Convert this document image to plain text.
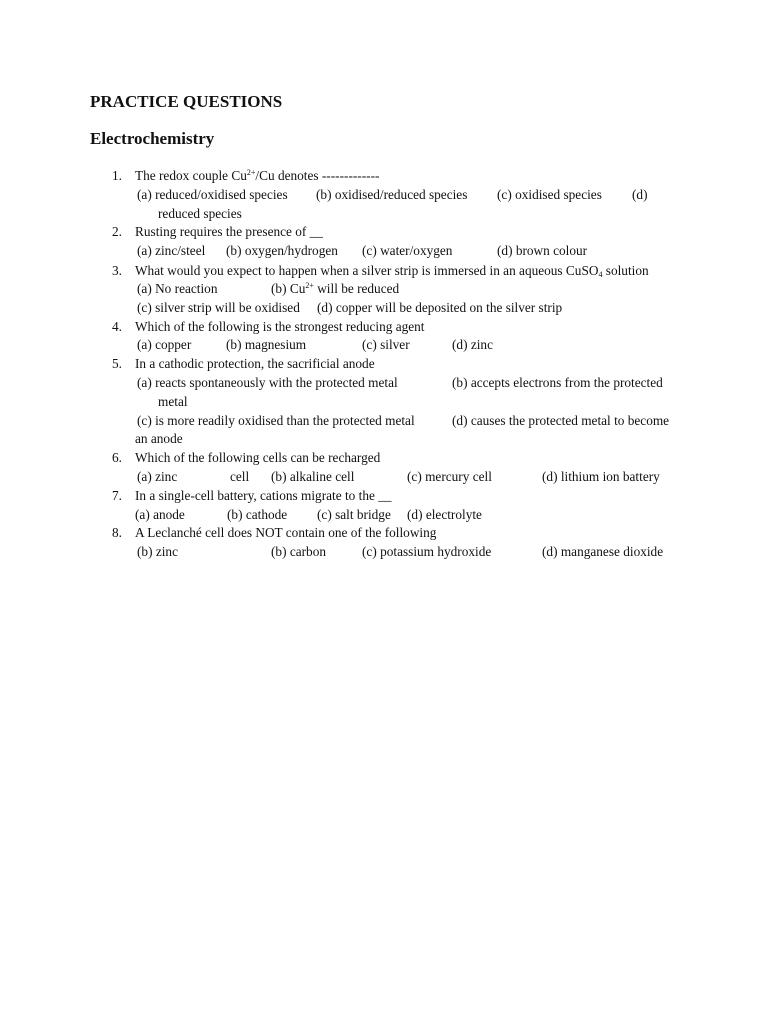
PRACTICE QUESTIONS
Electrochemistry
1. The redox couple $Cu^{2+}/Cu$ denotes -------------
(a) reduced/oxidised species (b) oxidised/reduced species (c) oxidised species (d)
reduced species
2. Rusting requires the presence of __
(a) zinc/steel (b) oxygen/hydrogen (c) water/oxygen	(d) brown colour
3. What would you expect to happen when a silver strip is immersed in an aqueous CuSO$_4$ solution
(a) No reaction	(b) $Cu^{2+}$ will be reduced
(c) silver strip will be oxidised (d) copper will be deposited on the silver strip
4. Which of the following is the strongest reducing agent
(a) copper	(b) magnesium	(c) silver	(d) zinc
5. In a cathodic protection, the sacrificial anode
(a) reacts spontaneously with the protected metal	(b) accepts electrons from the protected
metal
(c) is more readily oxidised than the protected metal	(d) causes the protected metal to become
an anode
6. Which of the following cells can be recharged
(a) zinc	cell (b) alkaline cell	(c) mercury cell	(d) lithium ion battery
7. In a single-cell battery, cations migrate to the __
(a) anode	(b) cathode (c) salt bridge (d) electrolyte
8. A Leclanché cell does NOT contain one of the following
(b) zinc	(b) carbon	(c) potassium hydroxide	(d) manganese dioxide
